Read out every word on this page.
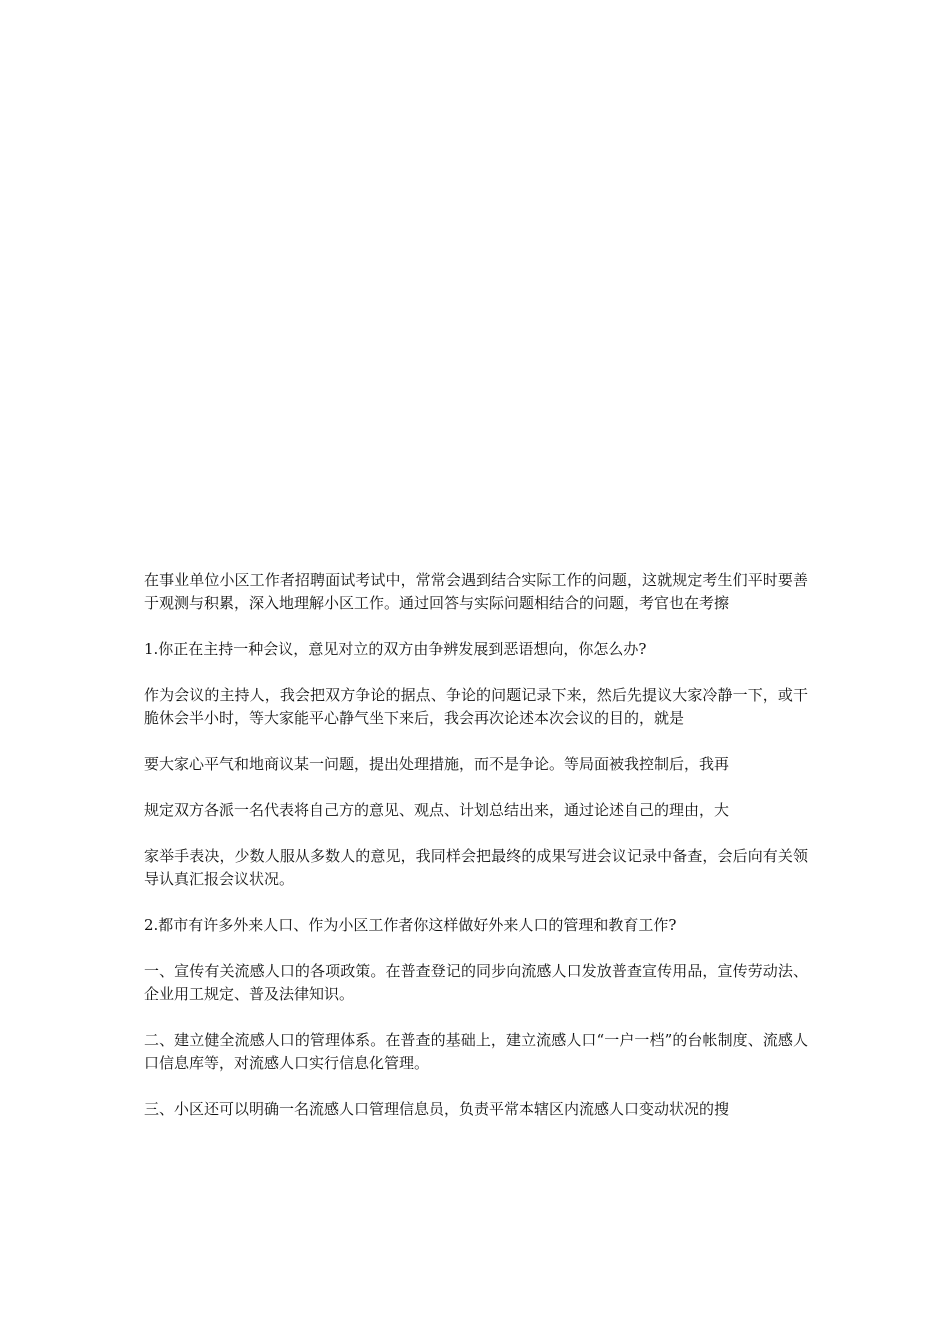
在事业单位小区工作者招聘面试考试中，常常会遇到结合实际工作的问题，这就规定考生们平时要善于观测与积累，深入地理解小区工作。通过回答与实际问题相结合的问题，考官也在考擦

1.你正在主持一种会议，意见对立的双方由争辨发展到恶语想向，你怎么办?

作为会议的主持人，我会把双方争论的据点、争论的问题记录下来，然后先提议大家冷静一下，或干脆休会半小时，等大家能平心静气坐下来后，我会再次论述本次会议的目的，就是

要大家心平气和地商议某一问题，提出处理措施，而不是争论。等局面被我控制后，我再

规定双方各派一名代表将自己方的意见、观点、计划总结出来，通过论述自己的理由，大

家举手表决，少数人服从多数人的意见，我同样会把最终的成果写进会议记录中备查，会后向有关领导认真汇报会议状况。

2.都市有许多外来人口、作为小区工作者你这样做好外来人口的管理和教育工作?

一、宣传有关流感人口的各项政策。在普查登记的同步向流感人口发放普查宣传用品，宣传劳动法、企业用工规定、普及法律知识。

二、建立健全流感人口的管理体系。在普查的基础上，建立流感人口“一户一档”的台帐制度、流感人口信息库等，对流感人口实行信息化管理。

三、小区还可以明确一名流感人口管理信息员，负责平常本辖区内流感人口变动状况的搜
